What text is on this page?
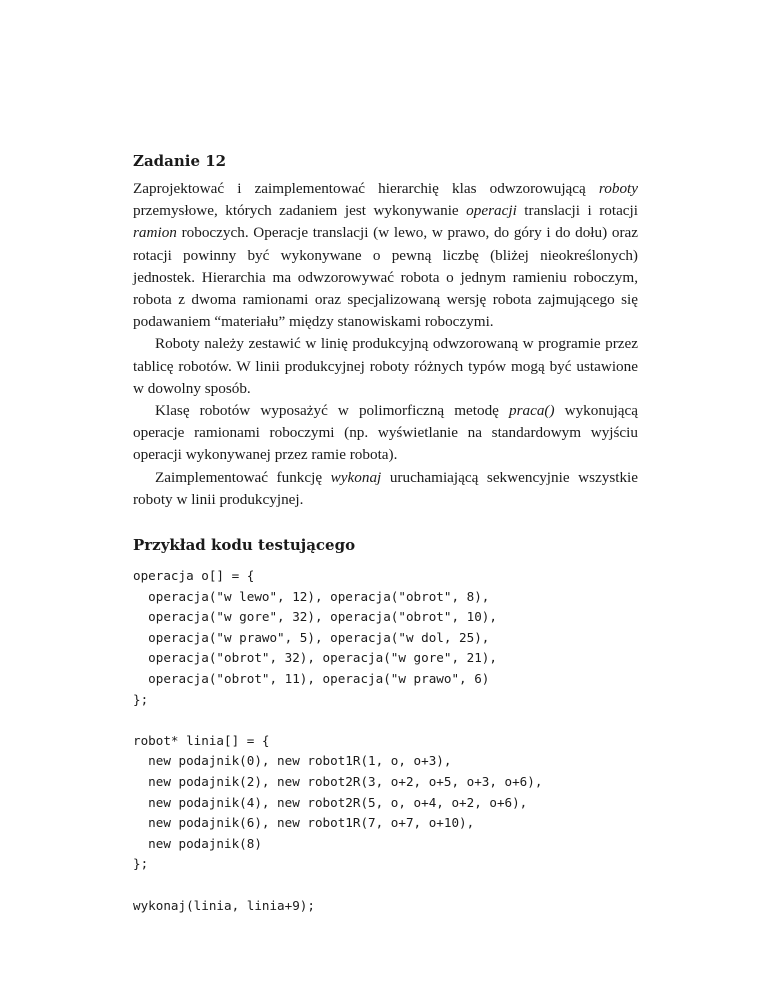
Zadanie 12

Zaprojektować i zaimplementować hierarchię klas odwzorowującą roboty przemysłowe, których zadaniem jest wykonywanie operacji translacji i rotacji ramion roboczych. Operacje translacji (w lewo, w prawo, do góry i do dołu) oraz rotacji powinny być wykonywane o pewną liczbę (bliżej nieokreślonych) jednostek. Hierarchia ma odwzorowywać robota o jednym ramieniu roboczym, robota z dwoma ramionami oraz specjalizowaną wersję robota zajmującego się podawaniem “materiału” między stanowiskami roboczymi.

Roboty należy zestawić w linię produkcyjną odwzorowaną w programie przez tablicę robotów. W linii produkcyjnej roboty różnych typów mogą być ustawione w dowolny sposób.

Klasę robotów wyposażyć w polimorficzną metodę praca() wykonującą operacje ramionami roboczymi (np. wyświetlanie na standardowym wyjściu operacji wykonywanej przez ramie robota).

Zaimplementować funkcję wykonaj uruchamiającą sekwencyjnie wszystkie roboty w linii produkcyjnej.

Przykład kodu testującego
operacja o[] = {
operacja("w lewo", 12), operacja("obrot", 8),
operacja("w gore", 32), operacja("obrot", 10),
operacja("w prawo", 5), operacja("w dol, 25),
operacja("obrot", 32), operacja("w gore", 21),
operacja("obrot", 11), operacja("w prawo", 6)
};
robot* linia[] = {
new podajnik(0), new robot1R(1, o, o+3),
new podajnik(2), new robot2R(3, o+2, o+5, o+3, o+6),
new podajnik(4), new robot2R(5, o, o+4, o+2, o+6),
new podajnik(6), new robot1R(7, o+7, o+10),
new podajnik(8)
};
wykonaj(linia, linia+9);
